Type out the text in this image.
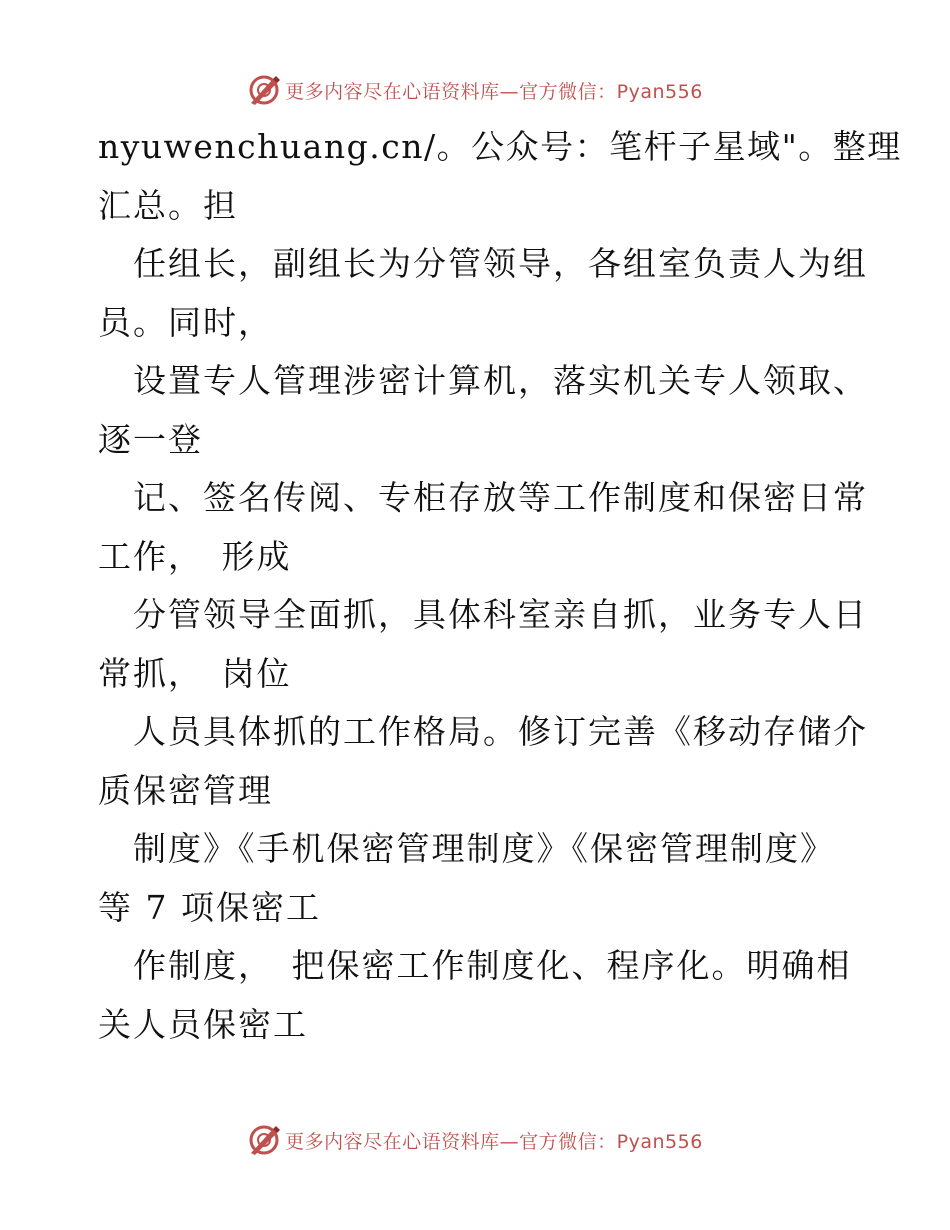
更多内容尽在心语资料库—官方微信：Pyan556
nyuwenchuang.cn/。公众号：笔杆子星域"。整理
汇总。担
　任组长，副组长为分管领导，各组室负责人为组
员。同时，
　设置专人管理涉密计算机，落实机关专人领取、
逐一登
　记、签名传阅、专柜存放等工作制度和保密日常
工作，　形成
　分管领导全面抓，具体科室亲自抓，业务专人日
常抓，　岗位
　人员具体抓的工作格局。修订完善《移动存储介
质保密管理
　制度》《手机保密管理制度》《保密管理制度》
等 7 项保密工
　作制度，　把保密工作制度化、程序化。明确相
关人员保密工
更多内容尽在心语资料库—官方微信：Pyan556
